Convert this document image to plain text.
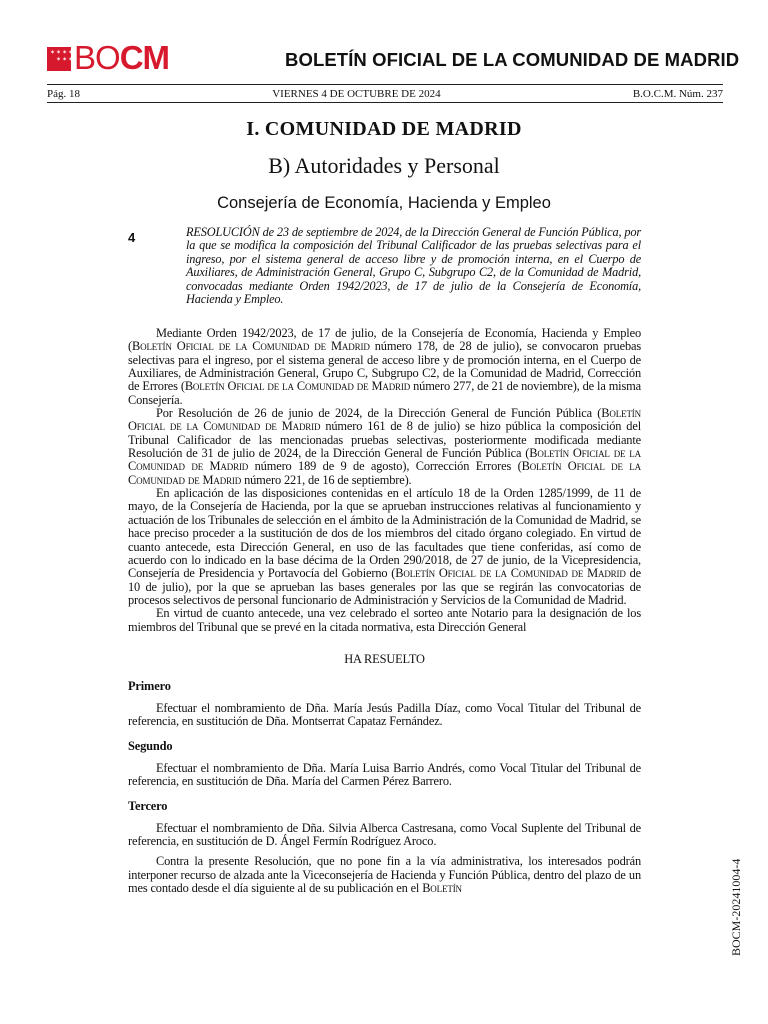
✶ ✶ ✶ ✶
✶ ✶ ✶ BOCM	BOLETÍN OFICIAL DE LA COMUNIDAD DE MADRID
Pág. 18	VIERNES 4 DE OCTUBRE DE 2024	B.O.C.M. Núm. 237
I. COMUNIDAD DE MADRID
B) Autoridades y Personal
Consejería de Economía, Hacienda y Empleo
4	RESOLUCIÓN de 23 de septiembre de 2024, de la Dirección General de Función Pública, por la que se modifica la composición del Tribunal Calificador de las pruebas selectivas para el ingreso, por el sistema general de acceso libre y de promoción interna, en el Cuerpo de Auxiliares, de Administración General, Grupo C, Subgrupo C2, de la Comunidad de Madrid, convocadas mediante Orden 1942/2023, de 17 de julio de la Consejería de Economía, Hacienda y Empleo.

Mediante Orden 1942/2023, de 17 de julio, de la Consejería de Economía, Hacienda y Empleo (Boletín Oficial de la Comunidad de Madrid número 178, de 28 de julio), se convocaron pruebas selectivas para el ingreso, por el sistema general de acceso libre y de promoción interna, en el Cuerpo de Auxiliares, de Administración General, Grupo C, Subgrupo C2, de la Comunidad de Madrid, Corrección de Errores (Boletín Oficial de la Comunidad de Madrid número 277, de 21 de noviembre), de la misma Consejería.

Por Resolución de 26 de junio de 2024, de la Dirección General de Función Pública (Boletín Oficial de la Comunidad de Madrid número 161 de 8 de julio) se hizo pública la composición del Tribunal Calificador de las mencionadas pruebas selectivas, posteriormente modificada mediante Resolución de 31 de julio de 2024, de la Dirección General de Función Pública (Boletín Oficial de la Comunidad de Madrid número 189 de 9 de agosto), Corrección Errores (Boletín Oficial de la Comunidad de Madrid número 221, de 16 de septiembre).

En aplicación de las disposiciones contenidas en el artículo 18 de la Orden 1285/1999, de 11 de mayo, de la Consejería de Hacienda, por la que se aprueban instrucciones relativas al funcionamiento y actuación de los Tribunales de selección en el ámbito de la Administración de la Comunidad de Madrid, se hace preciso proceder a la sustitución de dos de los miembros del citado órgano colegiado. En virtud de cuanto antecede, esta Dirección General, en uso de las facultades que tiene conferidas, así como de acuerdo con lo indicado en la base décima de la Orden 290/2018, de 27 de junio, de la Vicepresidencia, Consejería de Presidencia y Portavocía del Gobierno (Boletín Oficial de la Comunidad de Madrid de 10 de julio), por la que se aprueban las bases generales por las que se regirán las convocatorias de procesos selectivos de personal funcionario de Administración y Servicios de la Comunidad de Madrid.

En virtud de cuanto antecede, una vez celebrado el sorteo ante Notario para la designación de los miembros del Tribunal que se prevé en la citada normativa, esta Dirección General

HA RESUELTO

Primero

Efectuar el nombramiento de Dña. María Jesús Padilla Díaz, como Vocal Titular del Tribunal de referencia, en sustitución de Dña. Montserrat Capataz Fernández.

Segundo

Efectuar el nombramiento de Dña. María Luisa Barrio Andrés, como Vocal Titular del Tribunal de referencia, en sustitución de Dña. María del Carmen Pérez Barrero.

Tercero

Efectuar el nombramiento de Dña. Silvia Alberca Castresana, como Vocal Suplente del Tribunal de referencia, en sustitución de D. Ángel Fermín Rodríguez Aroco.

Contra la presente Resolución, que no pone fin a la vía administrativa, los interesados podrán interponer recurso de alzada ante la Viceconsejería de Hacienda y Función Pública, dentro del plazo de un mes contado desde el día siguiente al de su publicación en el Boletín	BOCM-20241004-4
